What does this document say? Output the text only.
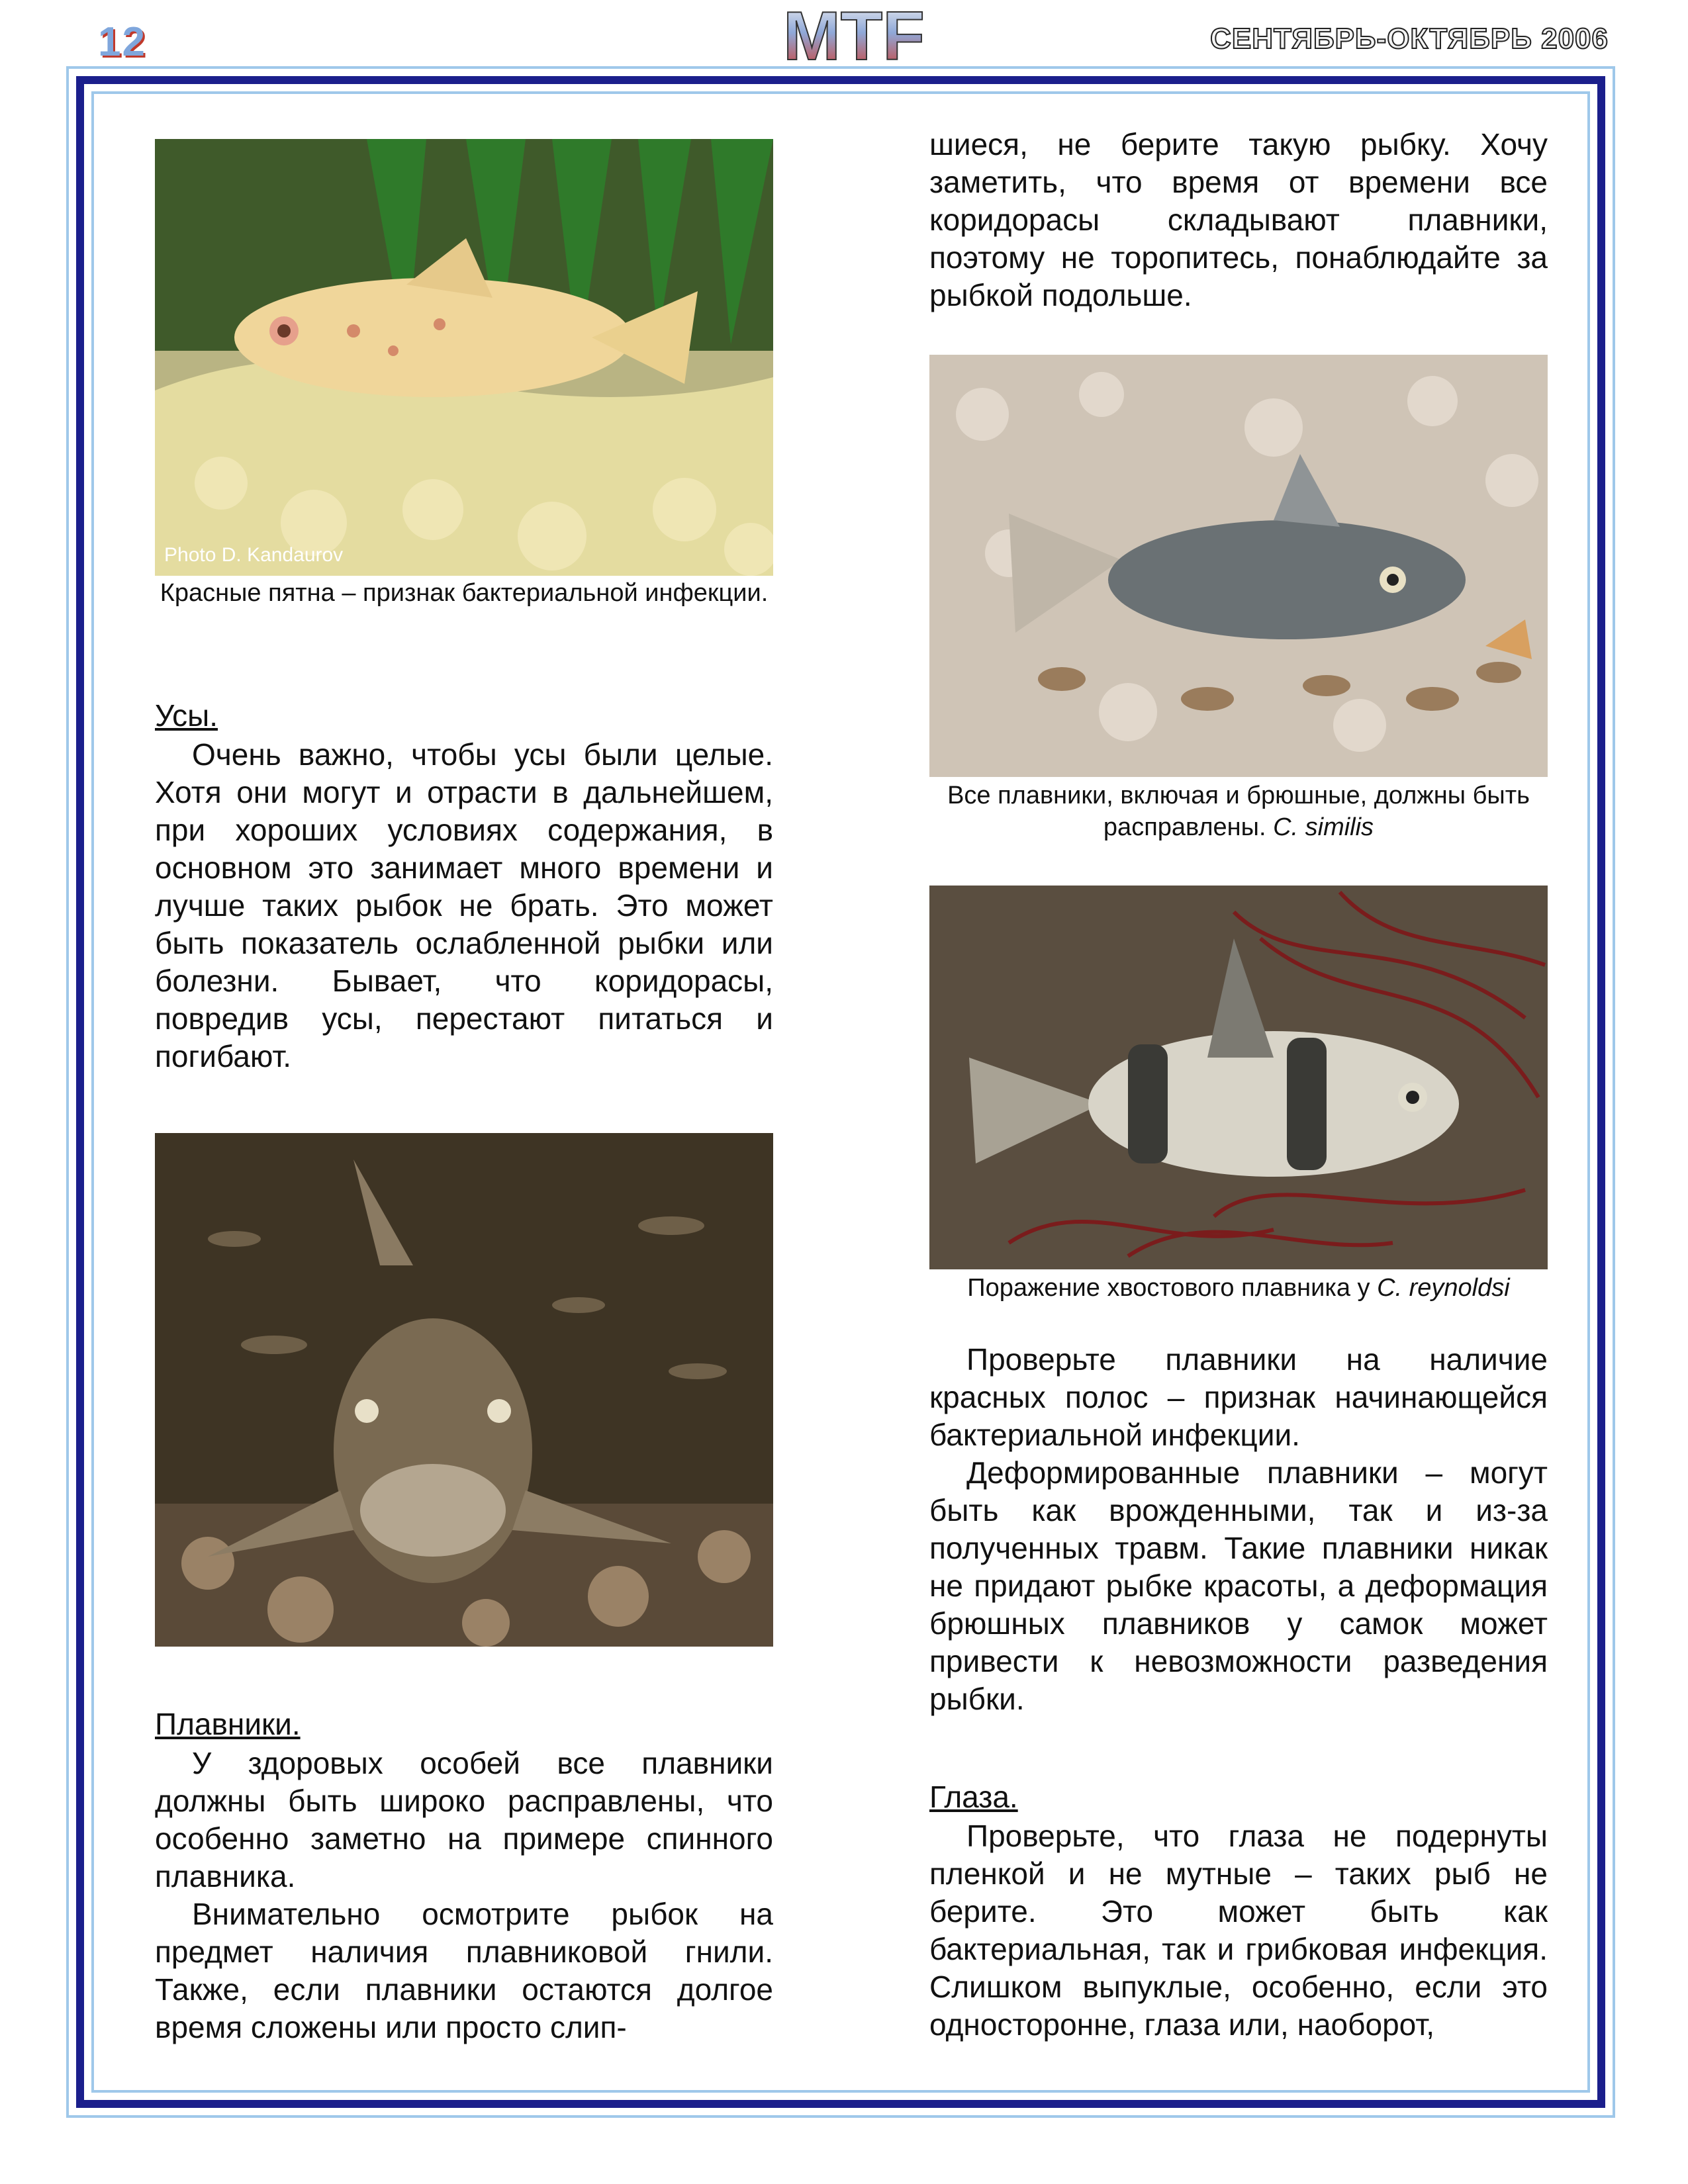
12	MTF	СЕНТЯБРЬ-ОКТЯБРЬ 2006
Photo D. Kandaurov
Красные пятна – признак бактериальной инфекции.
Усы.

Очень важно, чтобы усы были целые. Хотя они могут и отрасти в дальнейшем, при хороших условиях содержания, в основном это занимает много времени и лучше таких рыбок не брать. Это может быть показатель ослабленной рыбки или болезни. Бывает, что коридорасы, повредив усы, перестают питаться и погибают.

Плавники.

У здоровых особей все плавники должны быть широко расправлены, что особенно заметно на примере спинного плавника.

Внимательно осмотрите рыбок на предмет наличия плавниковой гнили. Также, если плавники остаются долгое время сложены или просто слип-

шиеся, не берите такую рыбку. Хочу заметить, что время от времени все коридорасы складывают плавники, поэтому не торопитесь, понаблюдайте за рыбкой подольше.

Все плавники, включая и брюшные, должны быть расправлены. C. similis
Поражение хвостового плавника у C. reynoldsi

Проверьте плавники на наличие красных полос – признак начинающейся бактериальной инфекции.

Деформированные плавники – могут быть как врожденными, так и из-за полученных травм. Такие плавники никак не придают рыбке красоты, а деформация брюшных плавников у самок может привести к невозможности разведения рыбки.

Глаза.

Проверьте, что глаза не подернуты пленкой и не мутные – таких рыб не берите. Это может быть как бактериальная, так и грибковая инфекция. Слишком выпуклые, особенно, если это односторонне, глаза или, наоборот,
